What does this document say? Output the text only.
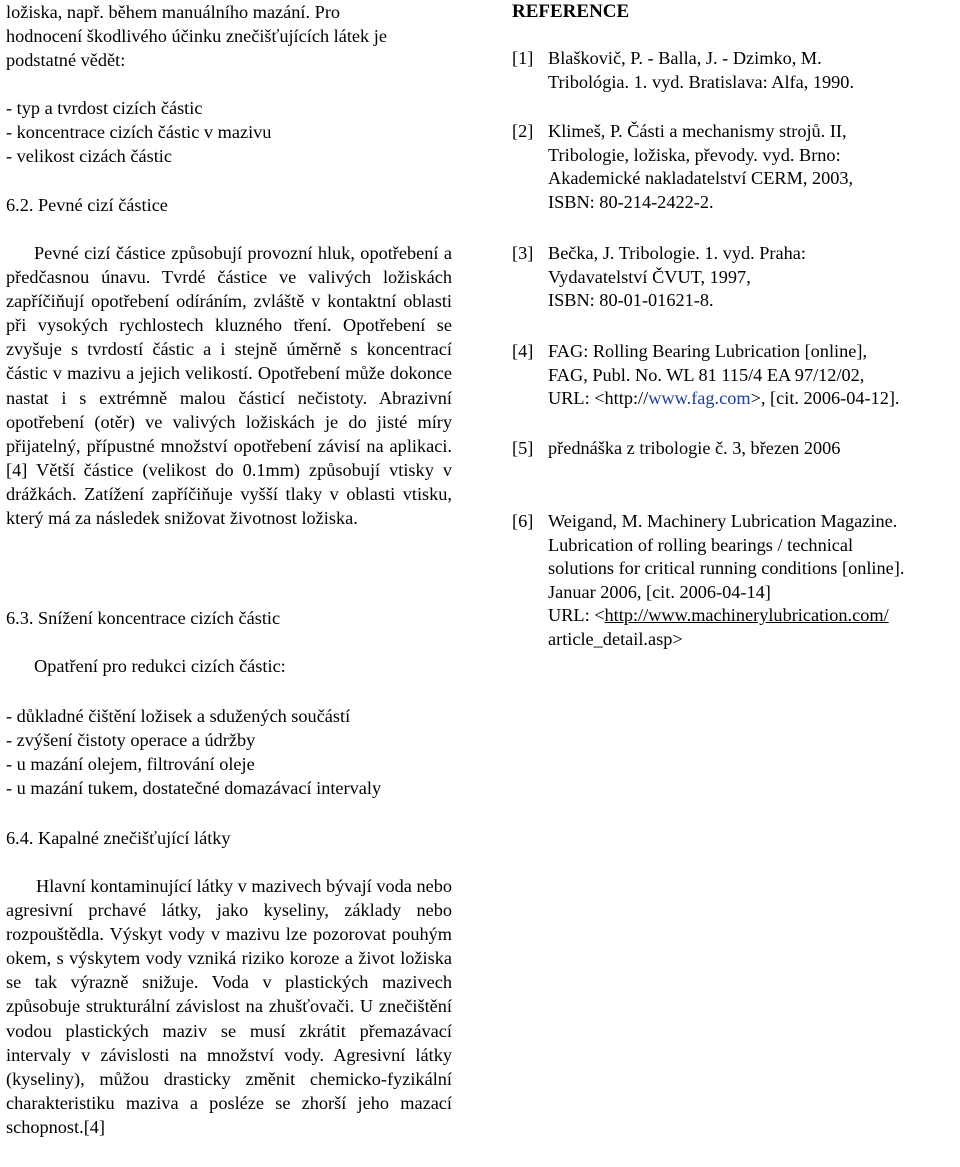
ložiska, např. během manuálního mazání. Pro
hodnocení škodlivého účinku znečišťujících látek je
podstatné vědět:
- typ a tvrdost cizích částic
- koncentrace cizích částic v mazivu
- velikost cizách částic
6.2. Pevné cizí částice

Pevné cizí částice způsobují provozní hluk, opotřebení a předčasnou únavu. Tvrdé částice ve valivých ložiskách zapříčiňují opotřebení odíráním, zvláště v kontaktní oblasti při vysokých rychlostech kluzného tření. Opotřebení se zvyšuje s tvrdostí částic a i stejně úměrně s koncentrací částic v mazivu a jejich velikostí. Opotřebení může dokonce nastat i s extrémně malou částicí nečistoty. Abrazivní opotřebení (otěr) ve valivých ložiskách je do jisté míry přijatelný, přípustné množství opotřebení závisí na aplikaci.[4] Větší částice (velikost do 0.1mm) způsobují vtisky v drážkách. Zatížení zapříčiňuje vyšší tlaky v oblasti vtisku, který má za následek snižovat životnost ložiska.

6.3. Snížení koncentrace cizích částic
Opatření pro redukci cizích částic:
- důkladné čištění ložisek a sdužených součástí
- zvýšení čistoty operace a údržby
- u mazání olejem, filtrování oleje
- u mazání tukem, dostatečné domazávací intervaly
6.4. Kapalné znečišťující látky

Hlavní kontaminující látky v mazivech bývají voda nebo agresivní prchavé látky, jako kyseliny, základy nebo rozpouštědla. Výskyt vody v mazivu lze pozorovat pouhým okem, s výskytem vody vzniká riziko koroze a život ložiska se tak výrazně snižuje. Voda v plastických mazivech způsobuje strukturální závislost na zhušťovači. U znečištění vodou plastických maziv se musí zkrátit přemazávací intervaly v závislosti na množství vody. Agresivní látky (kyseliny), můžou drasticky změnit chemicko-fyzikální charakteristiku maziva a posléze se zhorší jeho mazací schopnost.[4]

REFERENCE
[1] Blaškovič, P. - Balla, J. - Dzimko, M.
Tribológia. 1. vyd. Bratislava: Alfa, 1990.
[2] Klimeš, P. Části a mechanismy strojů. II,
Tribologie, ložiska, převody. vyd. Brno:
Akademické nakladatelství CERM, 2003,
ISBN: 80-214-2422-2.
[3] Bečka, J. Tribologie. 1. vyd. Praha:
Vydavatelství ČVUT, 1997,
ISBN: 80-01-01621-8.
[4] FAG: Rolling Bearing Lubrication [online],
FAG, Publ. No. WL 81 115/4 EA 97/12/02,
URL: <http://www.fag.com>, [cit. 2006-04-12].
[5] přednáška z tribologie č. 3, březen 2006
[6] Weigand, M. Machinery Lubrication Magazine.
Lubrication of rolling bearings / technical
solutions for critical running conditions [online].
Januar 2006, [cit. 2006-04-14]
URL: <http://www.machinerylubrication.com/
article_detail.asp>
